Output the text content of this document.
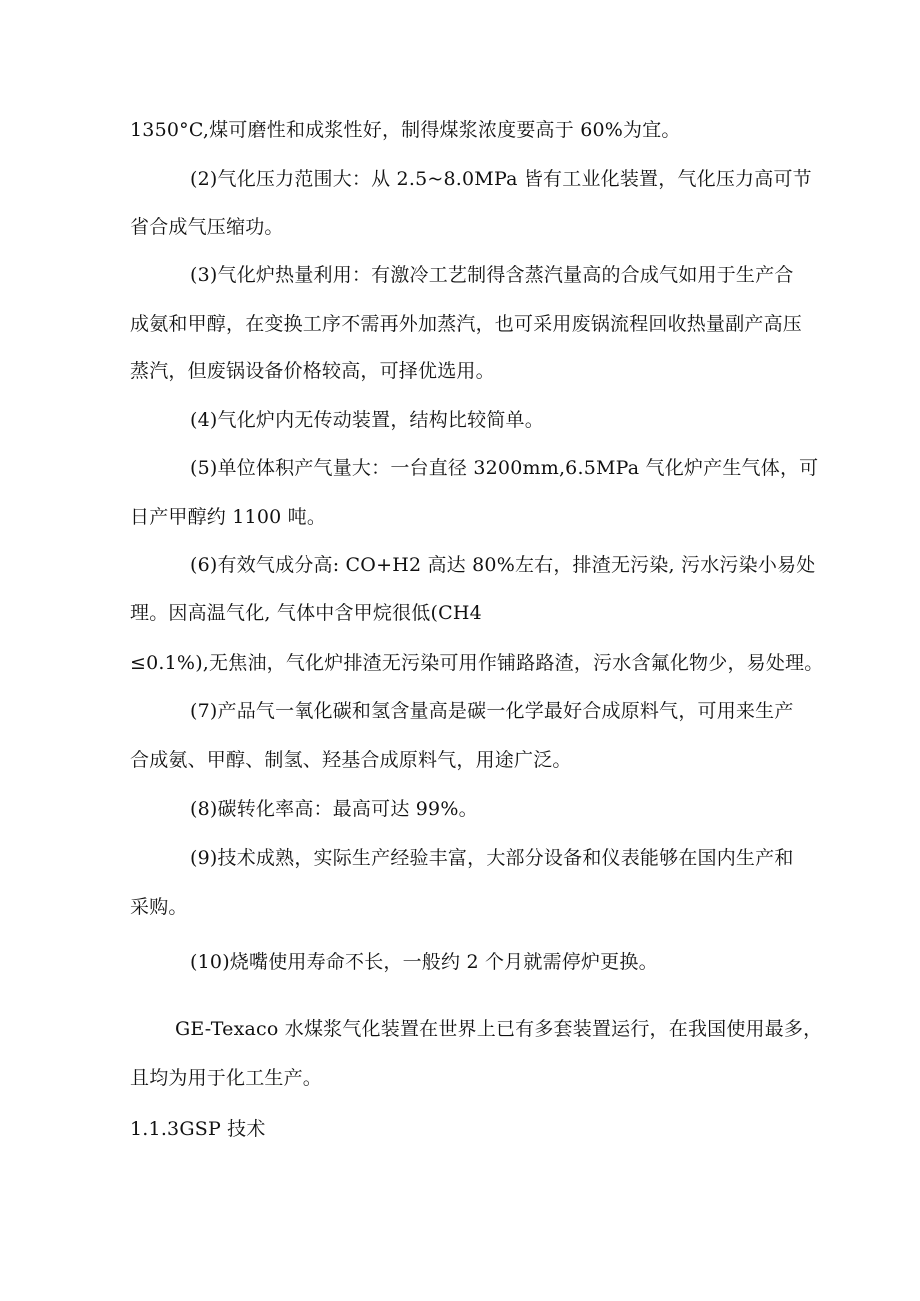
1350°C,煤可磨性和成浆性好，制得煤浆浓度要高于 60%为宜。
(2)气化压力范围大：从 2.5~8.0MPa 皆有工业化装置，气化压力高可节
省合成气压缩功。
(3)气化炉热量利用：有激冷工艺制得含蒸汽量高的合成气如用于生产合
成氨和甲醇，在变换工序不需再外加蒸汽，也可采用废锅流程回收热量副产高压
蒸汽，但废锅设备价格较高，可择优选用。
(4)气化炉内无传动装置，结构比较简单。
(5)单位体积产气量大：一台直径 3200mm,6.5MPa 气化炉产生气体，可
日产甲醇约 1100 吨。
(6)有效气成分高: CO+H2 高达 80%左右，排渣无污染, 污水污染小易处
理。因高温气化, 气体中含甲烷很低(CH4
≤0.1%),无焦油，气化炉排渣无污染可用作铺路路渣，污水含氟化物少，易处理。
(7)产品气一氧化碳和氢含量高是碳一化学最好合成原料气，可用来生产
合成氨、甲醇、制氢、羟基合成原料气，用途广泛。
(8)碳转化率高：最高可达 99%。
(9)技术成熟，实际生产经验丰富，大部分设备和仪表能够在国内生产和
采购。
(10)烧嘴使用寿命不长，一般约 2 个月就需停炉更换。
GE-Texaco 水煤浆气化装置在世界上已有多套装置运行，在我国使用最多，
且均为用于化工生产。
1.1.3GSP 技术
